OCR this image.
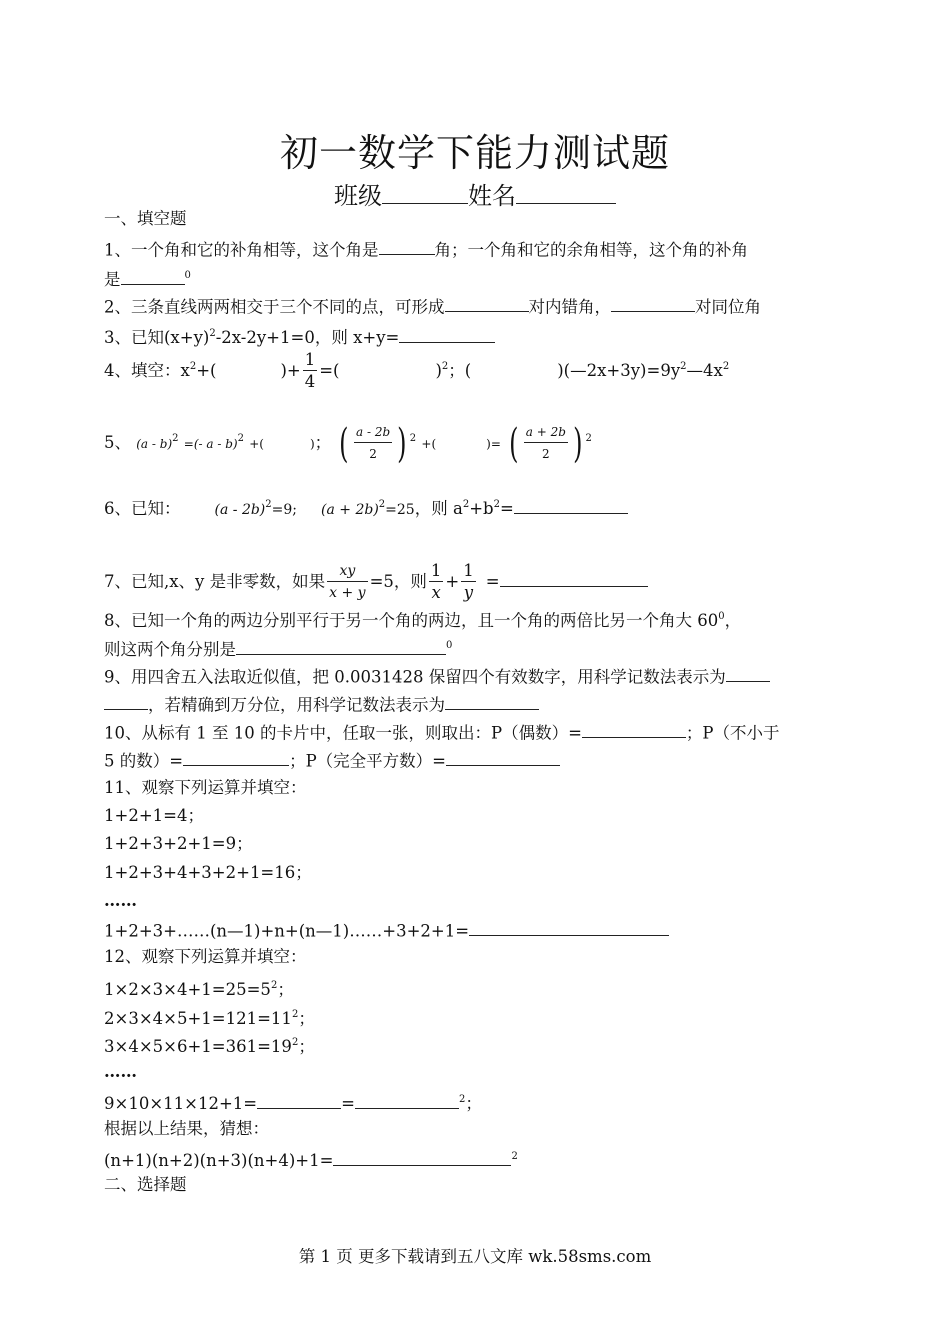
初一数学下能力测试题
班级	姓名
一、填空题
1、一个角和它的补角相等，这个角是	角；一个角和它的余角相等，这个角的补角
是	$^0$
2、三条直线两两相交于三个不同的点，可形成	对内错角，	对同位角
3、已知$(x+y)^2-2x-2y+1=0$，则 x+y=
4、填空：$x^2+$(	)+ $\frac{1}{4}$ =(	)$^2$；(	)$(—2x+3y)=9y^2—4x^2$
5、 (a - b)$^2$ =(- a - b)$^2$ +(	)； ( $\frac{a - 2b}{2}$ ) $^2$ +(	)= ( $\frac{a + 2b}{2}$ ) $^2$
6、已知： (a - 2b)$^2$=9; $(a + 2b)^2=25$，则 $a^2+b^2=$
7、已知,x、y 是非零数，如果 $\frac{xy}{x + y} =5$，则 $\frac{1}{x} + \frac{1}{y}$ =
8、已知一个角的两边分别平行于另一个角的两边，且一个角的两倍比另一个角大 $60^0$，
则这两个角分别是	$^0$
9、用四舍五入法取近似值，把 0.0031428 保留四个有效数字，用科学记数法表示为
，若精确到万分位，用科学记数法表示为
10、从标有 1 至 10 的卡片中，任取一张，则取出：P（偶数）=	；P（不小于
5 的数）=	；P（完全平方数）=
11、观察下列运算并填空：
1+2+1=4；
1+2+3+2+1=9；
1+2+3+4+3+2+1=16；
……
1+2+3+……(n—1)+n+(n—1)……+3+2+1=
12、观察下列运算并填空：
$1\times 2\times 3\times 4+1=25=5^2$；
$2\times 3\times 4\times 5+1=121=11^2$；
$3\times 4\times 5\times 6+1=361=19^2$；
……
9×10×11×12+1=	=	$^2$；
根据以上结果，猜想：
(n+1)(n+2)(n+3)(n+4)+1=	$^2$
二、选择题
第 1 页 更多下载请到五八文库 wk.58sms.com
